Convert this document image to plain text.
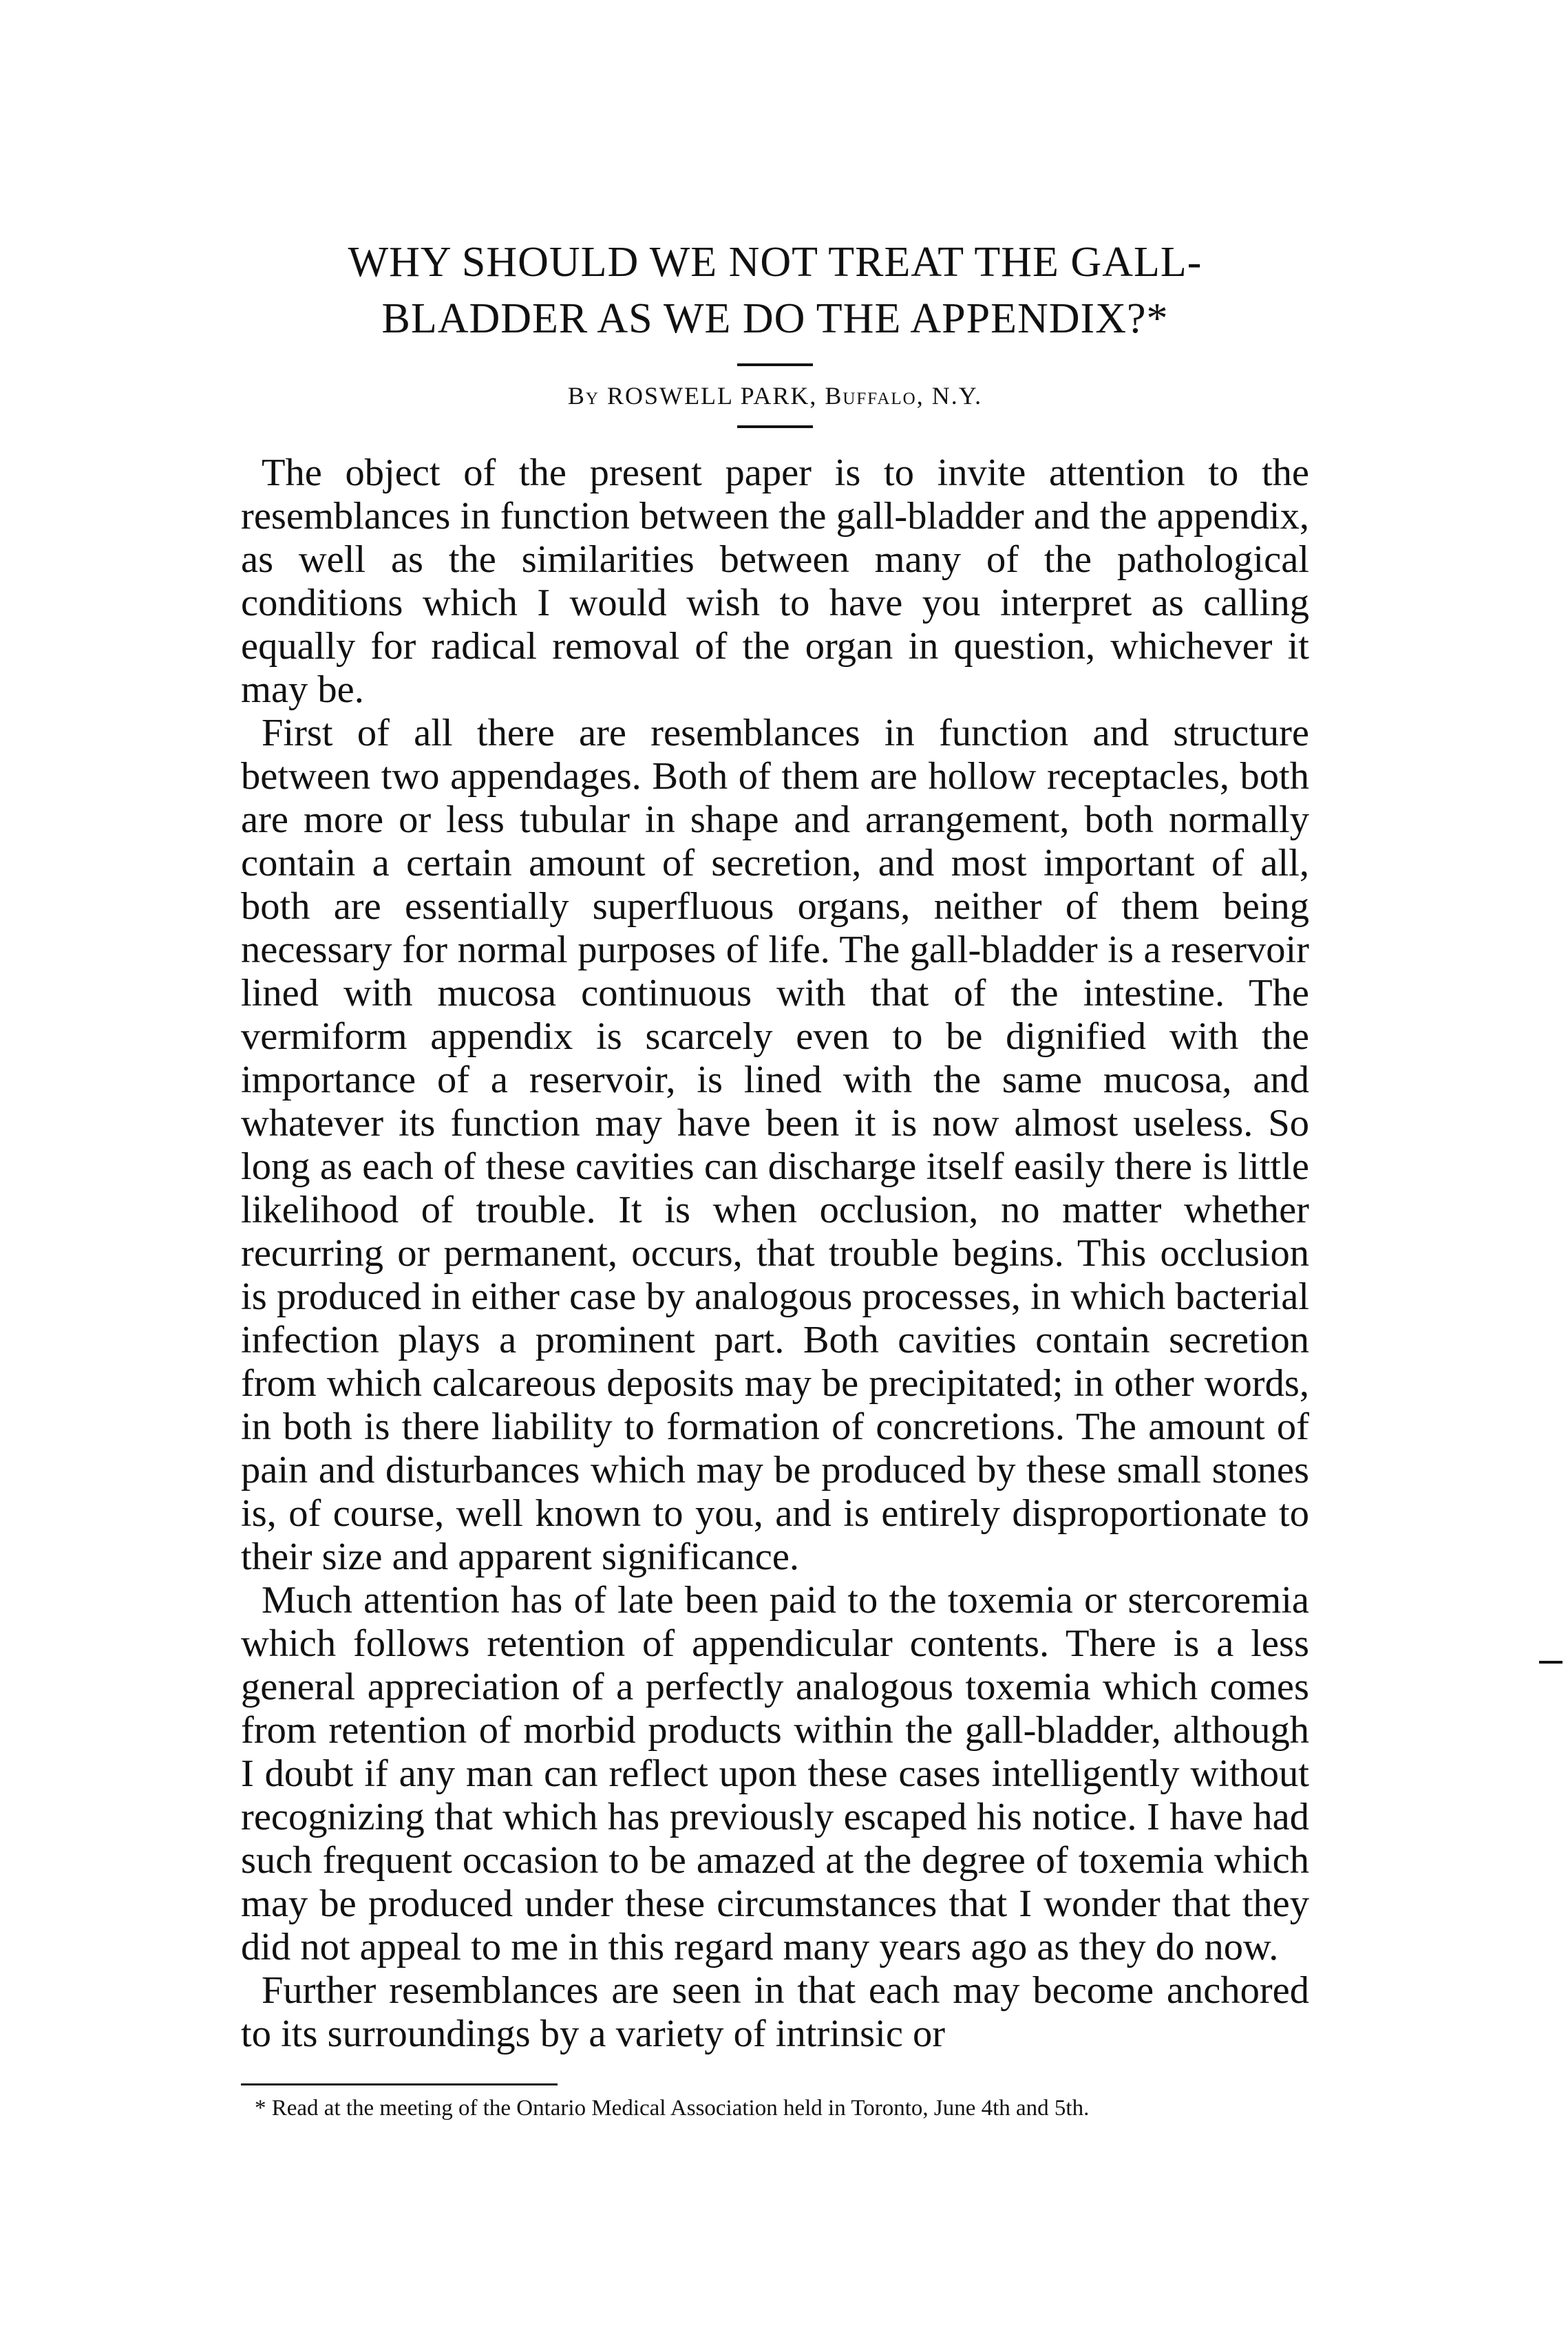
WHY SHOULD WE NOT TREAT THE GALL-
BLADDER AS WE DO THE APPENDIX?*

By ROSWELL PARK, Buffalo, N.Y.

The object of the present paper is to invite attention to the resemblances in function between the gall-bladder and the appendix, as well as the similarities between many of the pathological conditions which I would wish to have you interpret as calling equally for radical removal of the organ in question, whichever it may be.

First of all there are resemblances in function and structure between two appendages. Both of them are hollow receptacles, both are more or less tubular in shape and arrangement, both normally contain a certain amount of secretion, and most important of all, both are essentially superfluous organs, neither of them being necessary for normal purposes of life. The gall-bladder is a reservoir lined with mucosa continuous with that of the intestine. The vermiform appendix is scarcely even to be dignified with the importance of a reservoir, is lined with the same mucosa, and whatever its function may have been it is now almost useless. So long as each of these cavities can discharge itself easily there is little likelihood of trouble. It is when occlusion, no matter whether recurring or permanent, occurs, that trouble begins. This occlusion is produced in either case by analogous processes, in which bacterial infection plays a prominent part. Both cavities contain secretion from which calcareous deposits may be precipitated; in other words, in both is there liability to formation of concretions. The amount of pain and disturbances which may be produced by these small stones is, of course, well known to you, and is entirely disproportionate to their size and apparent significance.

Much attention has of late been paid to the toxemia or stercoremia which follows retention of appendicular contents. There is a less general appreciation of a perfectly analogous toxemia which comes from retention of morbid products within the gall-bladder, although I doubt if any man can reflect upon these cases intelligently without recognizing that which has previously escaped his notice. I have had such frequent occasion to be amazed at the degree of toxemia which may be produced under these circumstances that I wonder that they did not appeal to me in this regard many years ago as they do now.

Further resemblances are seen in that each may become anchored to its surroundings by a variety of intrinsic or

* Read at the meeting of the Ontario Medical Association held in Toronto, June 4th and 5th.
